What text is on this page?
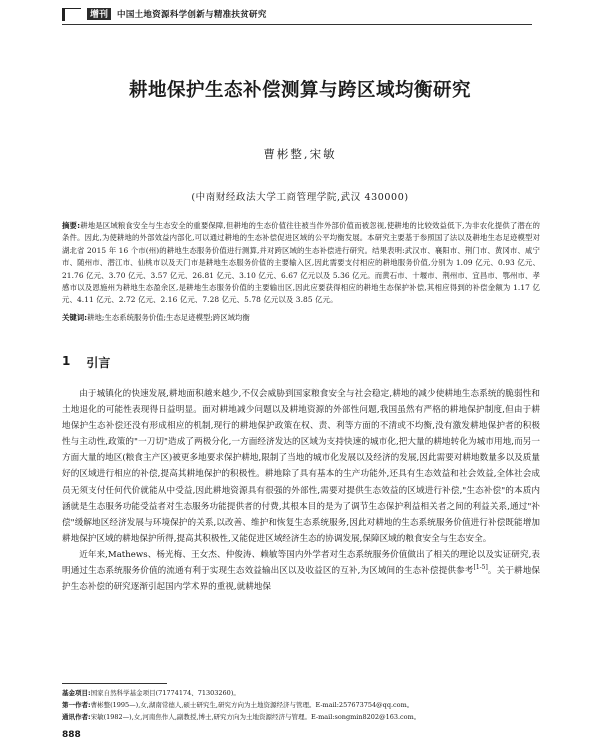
增刊	中国土地资源科学创新与精准扶贫研究
耕地保护生态补偿测算与跨区域均衡研究
曹彬整,宋敏
(中南财经政法大学工商管理学院,武汉 430000)
摘要:耕地是区域粮食安全与生态安全的重要保障,但耕地的生态价值往往被当作外部价值而被忽视,使耕地的比较效益低下,为非农化提供了潜在的条件。因此,为使耕地的外部效益内部化,可以通过耕地的生态补偿促进区域的公平均衡发展。本研究主要基于参照国了法以及耕地生态足迹模型对湖北省 2015 年 16 个市(州)的耕地生态服务价值进行测算,并对跨区域的生态补偿进行研究。结果表明:武汉市、襄阳市、荆门市、黄冈市、咸宁市、随州市、潜江市、仙桃市以及天门市是耕地生态服务价值的主要输入区,因此需要支付相应的耕地服务价值,分别为 1.09 亿元、0.93 亿元、21.76 亿元、3.70 亿元、3.57 亿元、26.81 亿元、3.10 亿元、6.67 亿元以及 5.36 亿元。而黄石市、十堰市、荆州市、宜昌市、鄂州市、孝感市以及恩施州为耕地生态盈余区,是耕地生态服务价值的主要输出区,因此应要获得相应的耕地生态保护补偿,其相应得到的补偿金额为 1.17 亿元、4.11 亿元、2.72 亿元、2.16 亿元、7.28 亿元、5.78 亿元以及 3.85 亿元。
关键词:耕地;生态系统服务价值;生态足迹模型;跨区域均衡
1 引言

由于城镇化的快速发展,耕地面积越来越少,不仅会威胁到国家粮食安全与社会稳定,耕地的减少使耕地生态系统的脆弱性和土地退化的可能性表现得日益明显。面对耕地减少问题以及耕地资源的外部性问题,我国虽然有严格的耕地保护制度,但由于耕地保护生态补偿还没有形成相应的机制,现行的耕地保护政策在权、责、利等方面的不清或不均衡,没有激发耕地保护者的积极性与主动性,政策的"一刀切"造成了两极分化,一方面经济发达的区域为支持快速的城市化,把大量的耕地转化为城市用地,而另一方面大量的地区(粮食主产区)被更多地要求保护耕地,限制了当地的城市化发展以及经济的发展,因此需要对耕地数量多以及质量好的区域进行相应的补偿,提高其耕地保护的积极性。耕地除了具有基本的生产功能外,还具有生态效益和社会效益,全体社会成员无须支付任何代价就能从中受益,因此耕地资源具有很强的外部性,需要对提供生态效益的区域进行补偿,"生态补偿"的本质内涵就是生态服务功能受益者对生态服务功能提供者的付费,其根本目的是为了调节生态保护利益相关者之间的利益关系,通过"补偿"缓解地区经济发展与环境保护的关系,以改善、维护和恢复生态系统服务,因此对耕地的生态系统服务价值进行补偿既能增加耕地保护区域的耕地保护所得,提高其积极性,又能促进区域经济生态的协调发展,保障区域的粮食安全与生态安全。

近年来,Mathews、杨光梅、王女杰、仲俊涛、赖敏等国内外学者对生态系统服务价值做出了相关的理论以及实证研究,表明通过生态系统服务价值的流通有利于实现生态效益输出区以及收益区的互补,为区域间的生态补偿提供参考[1-5]。关于耕地保护生态补偿的研究逐渐引起国内学术界的重视,就耕地保

基金项目:国家自然科学基金项目(71774174、71303260)。
第一作者:曹彬整(1995—),女,湖南常德人,硕士研究生,研究方向为土地资源经济与管理。E-mail:257673754@qq.com。
通讯作者:宋敏(1982—),女,河南焦作人,副教授,博士,研究方向为土地资源经济与管理。E-mail:songmin8202@163.com。
888
